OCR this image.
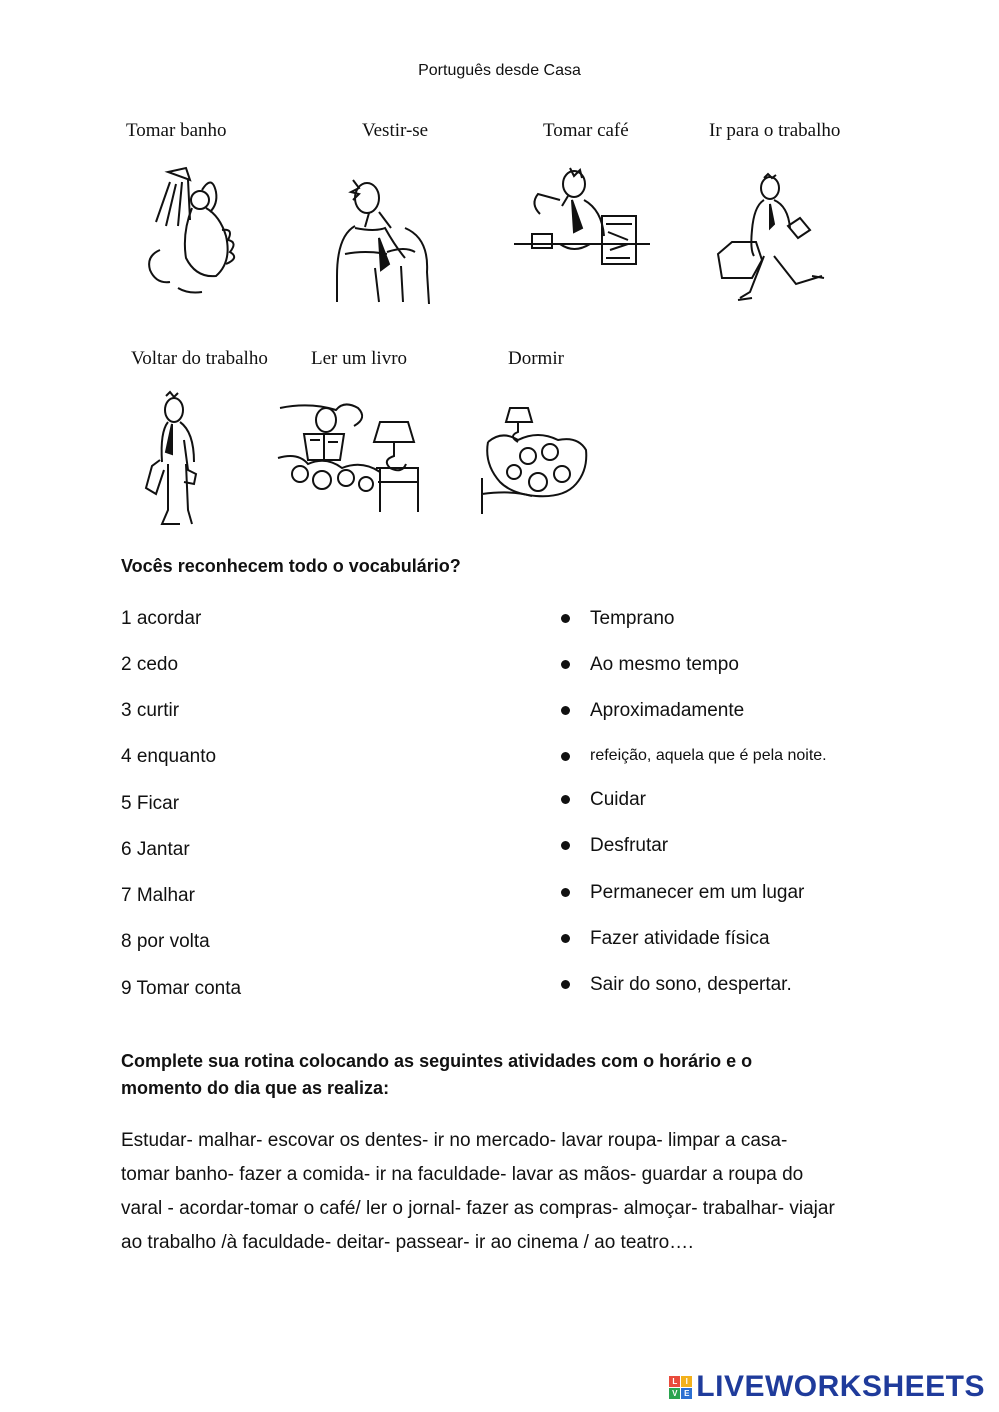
Português desde Casa
Tomar banho	Vestir-se	Tomar café	Ir para o trabalho
Voltar do trabalho Ler um livro	Dormir
Vocês reconhecem todo o vocabulário?
1 acordar
2 cedo
3 curtir
4 enquanto
5 Ficar
6 Jantar
7 Malhar
8 por volta
9 Tomar conta
Temprano
Ao mesmo tempo
Aproximadamente
refeição, aquela que é pela noite.
Cuidar
Desfrutar
Permanecer em um lugar
Fazer atividade física
Sair do sono, despertar.
Complete sua rotina colocando as seguintes atividades com o horário e o
momento do dia que as realiza:
Estudar- malhar- escovar os dentes- ir no mercado- lavar roupa- limpar a casa-
tomar banho- fazer a comida- ir na faculdade- lavar as mãos- guardar a roupa do
varal - acordar-tomar o café/ ler o jornal- fazer as compras- almoçar- trabalhar- viajar
ao trabalho /à faculdade- deitar- passear- ir ao cinema / ao teatro….
L	I
V E LIVEWORKSHEETS
